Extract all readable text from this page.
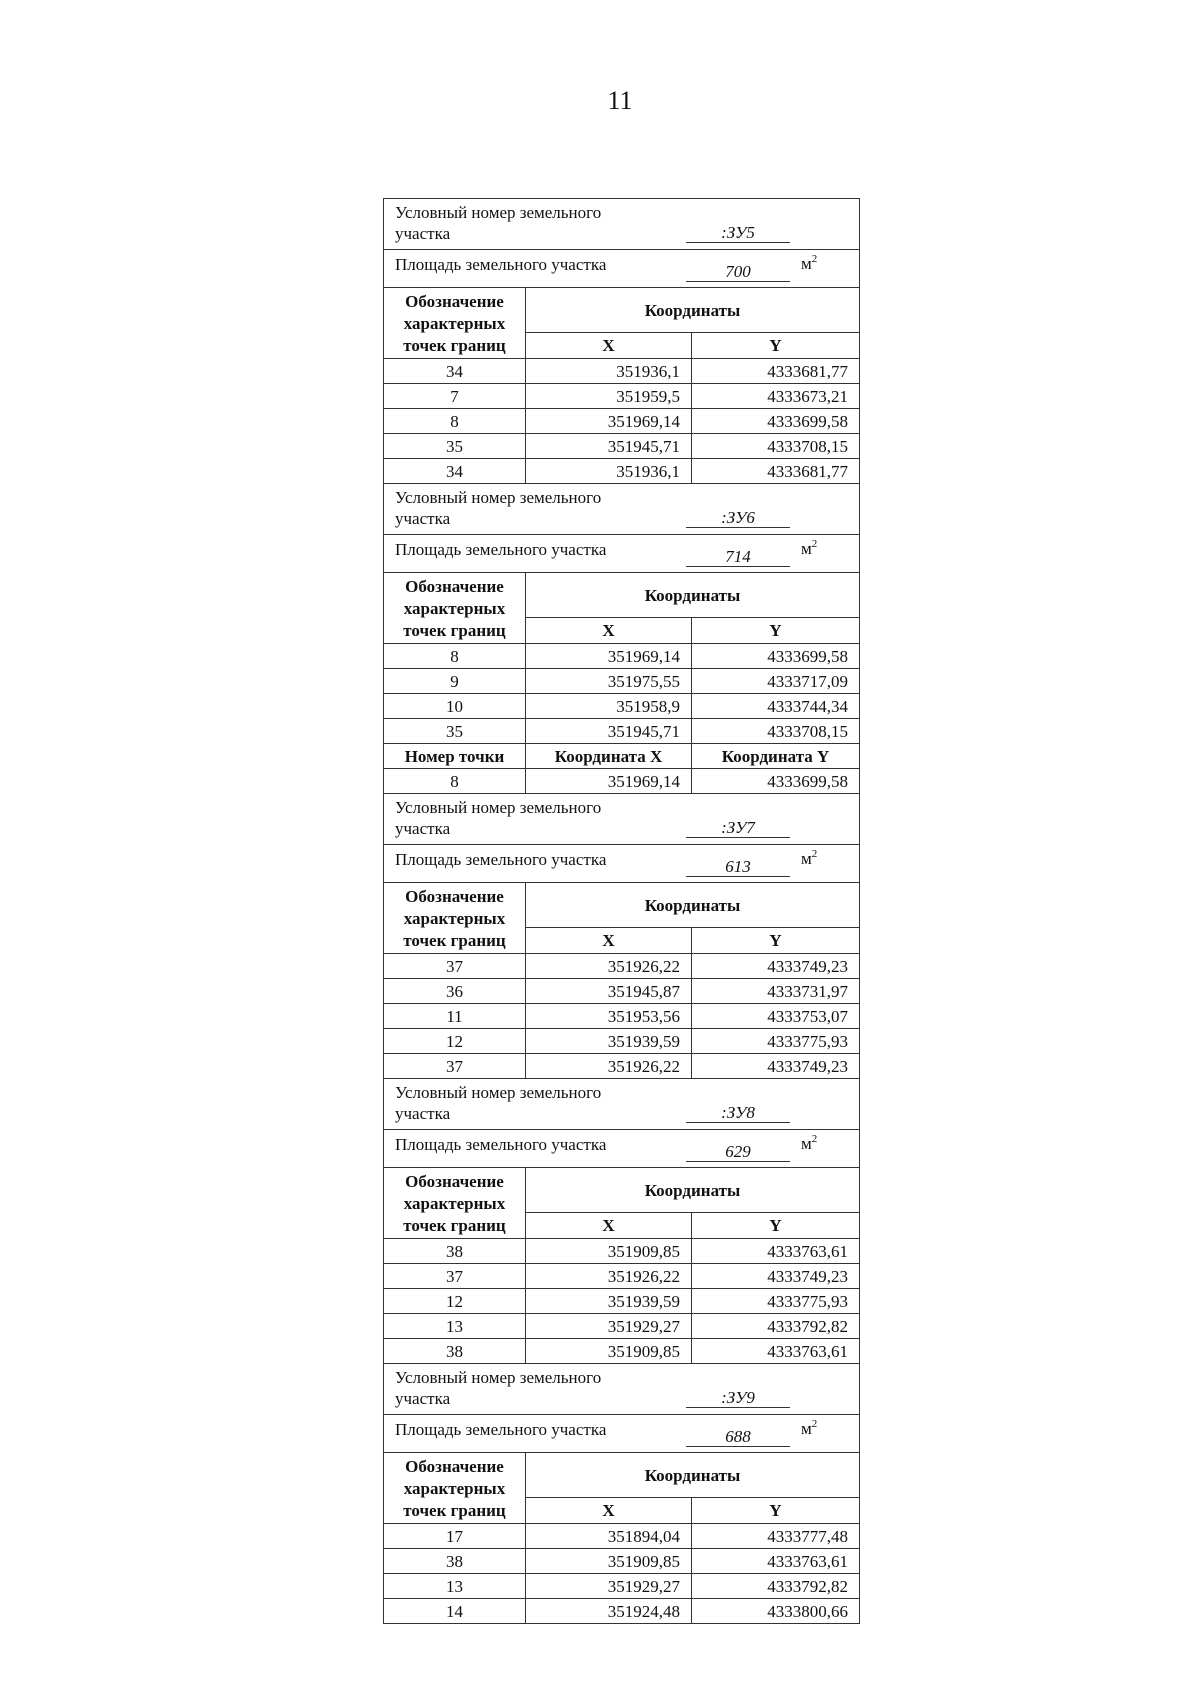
11
Условный номер земельного участка :ЗУ5		

Площадь земельного участка 700 $м^2$

Обозначение характерных точек границ	Координаты	
	X	Y
34	351936,1	4333681,77
7	351959,5	4333673,21
8	351969,14	4333699,58
35	351945,71	4333708,15
34	351936,1	4333681,77

Условный номер земельного участка :ЗУ6		

Площадь земельного участка 714 $м^2$

Обозначение характерных точек границ	Координаты	
	X	Y
8	351969,14	4333699,58
9	351975,55	4333717,09
10	351958,9	4333744,34
35	351945,71	4333708,15
Номер точки	Координата X	Координата Y
8	351969,14	4333699,58

Условный номер земельного участка :ЗУ7		

Площадь земельного участка 613 $м^2$

Обозначение характерных точек границ	Координаты	
	X	Y
37	351926,22	4333749,23
36	351945,87	4333731,97
11	351953,56	4333753,07
12	351939,59	4333775,93
37	351926,22	4333749,23

Условный номер земельного участка :ЗУ8		

Площадь земельного участка 629 $м^2$

Обозначение характерных точек границ	Координаты	
	X	Y
38	351909,85	4333763,61
37	351926,22	4333749,23
12	351939,59	4333775,93
13	351929,27	4333792,82
38	351909,85	4333763,61

Условный номер земельного участка :ЗУ9		

Площадь земельного участка 688 $м^2$

Обозначение характерных точек границ	Координаты	
	X	Y
17	351894,04	4333777,48
38	351909,85	4333763,61
13	351929,27	4333792,82
14	351924,48	4333800,66
